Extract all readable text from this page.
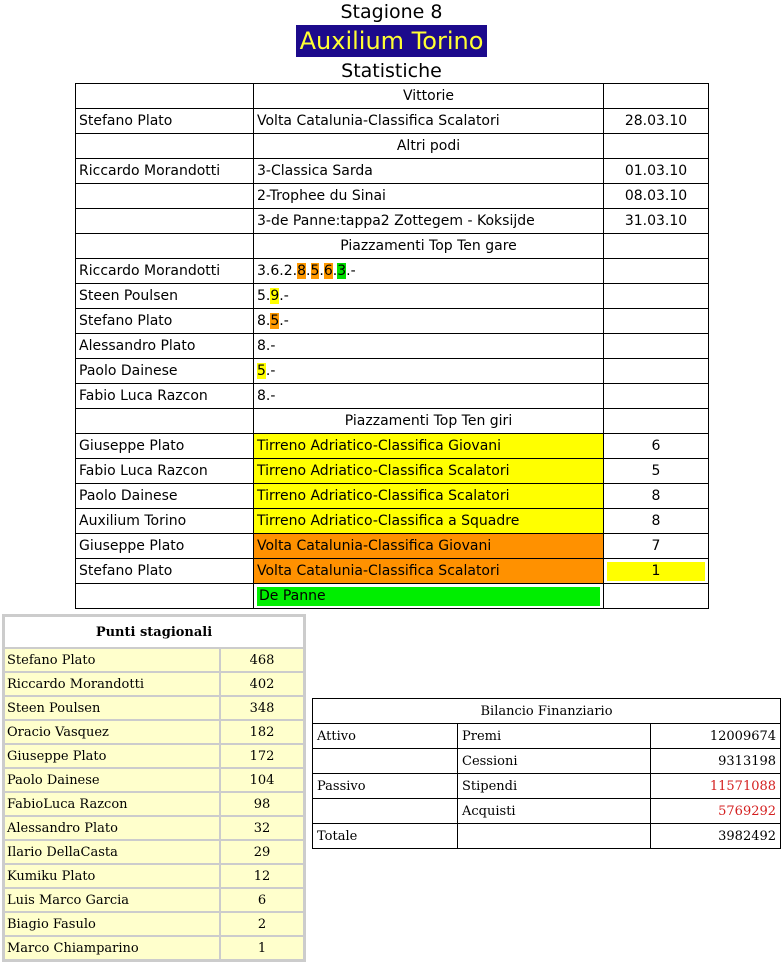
Stagione 8
Auxilium Torino
Statistiche
	Vittorie	
Stefano Plato	Volta Catalunia-Classifica Scalatori	28.03.10
	Altri podi	
Riccardo Morandotti	3-Classica Sarda	01.03.10
	2-Trophee du Sinai	08.03.10
	3-de Panne:tappa2 Zottegem - Koksijde	31.03.10
	Piazzamenti Top Ten gare	
Riccardo Morandotti	3.6.2.8.5.6.3.-	
Steen Poulsen	5.9.-	
Stefano Plato	8.5.-	
Alessandro Plato	8.-	
Paolo Dainese	5.-	
Fabio Luca Razcon	8.-	
	Piazzamenti Top Ten giri	
Giuseppe Plato	Tirreno Adriatico-Classifica Giovani	6
Fabio Luca Razcon	Tirreno Adriatico-Classifica Scalatori	5
Paolo Dainese	Tirreno Adriatico-Classifica Scalatori	8
Auxilium Torino	Tirreno Adriatico-Classifica a Squadre	8
Giuseppe Plato	Volta Catalunia-Classifica Giovani	7
Stefano Plato	Volta Catalunia-Classifica Scalatori	1

	De Panne	

Punti stagionali	
Stefano Plato	468
Riccardo Morandotti	402
Steen Poulsen	348
Oracio Vasquez	182
Giuseppe Plato	172
Paolo Dainese	104
FabioLuca Razcon	98
Alessandro Plato	32
Ilario DellaCasta	29
Kumiku Plato	12
Luis Marco Garcia	6
Biagio Fasulo	2
Marco Chiamparino	1
Bilancio Finanziario		
Attivo	Premi	12009674
	Cessioni	9313198
Passivo	Stipendi	11571088
	Acquisti	5769292
Totale		3982492
